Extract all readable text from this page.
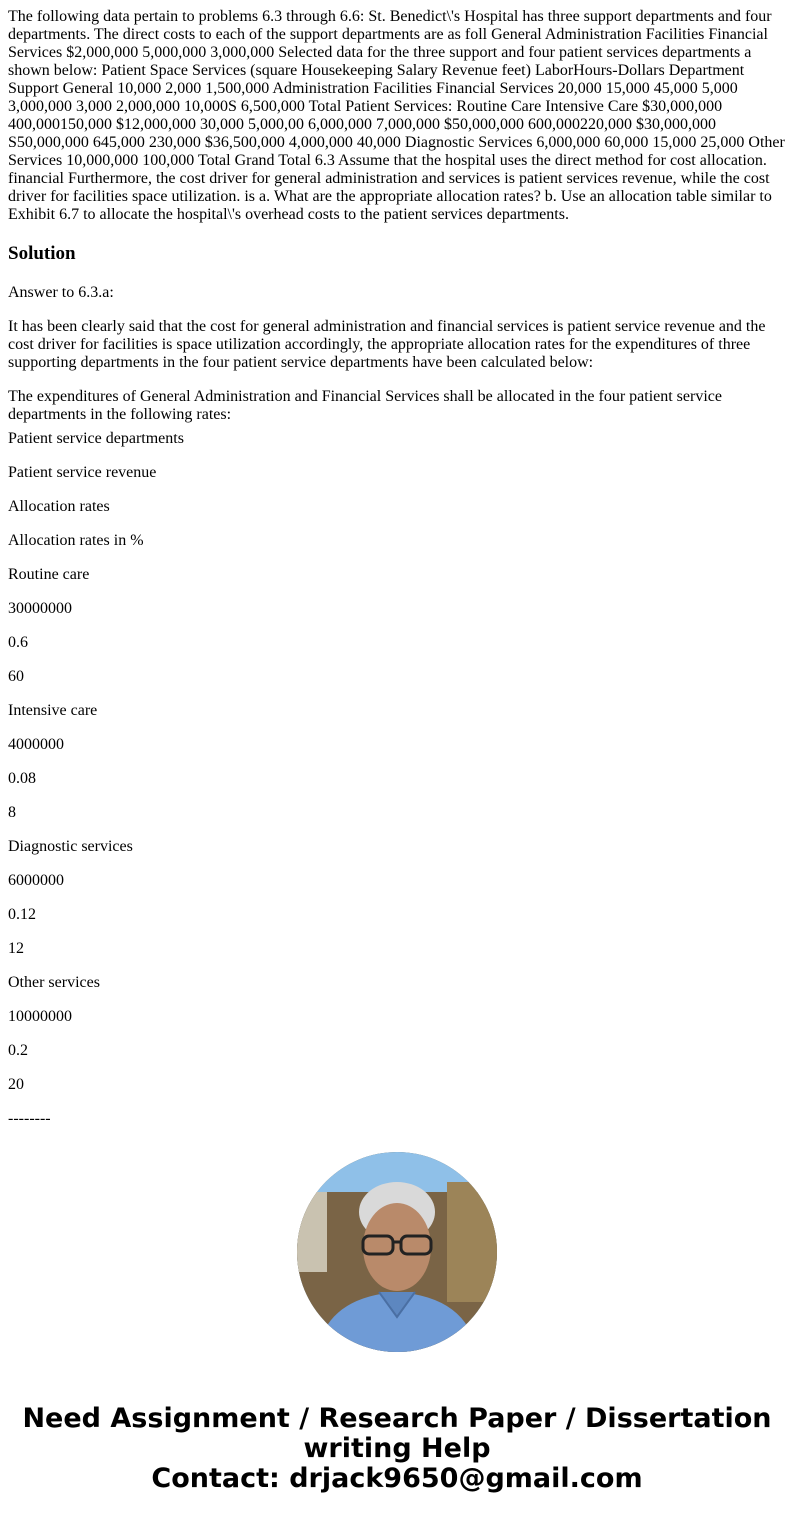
The following data pertain to problems 6.3 through 6.6: St. Benedict\'s Hospital has three support departments and four departments. The direct costs to each of the support departments are as foll General Administration Facilities Financial Services $2,000,000 5,000,000 3,000,000 Selected data for the three support and four patient services departments a shown below: Patient Space Services (square Housekeeping Salary Revenue feet) LaborHours-Dollars Department Support General 10,000 2,000 1,500,000 Administration Facilities Financial Services 20,000 15,000 45,000 5,000 3,000,000 3,000 2,000,000 10,000S 6,500,000 Total Patient Services: Routine Care Intensive Care $30,000,000 400,000150,000 $12,000,000 30,000 5,000,00 6,000,000 7,000,000 $50,000,000 600,000220,000 $30,000,000 S50,000,000 645,000 230,000 $36,500,000 4,000,000 40,000 Diagnostic Services 6,000,000 60,000 15,000 25,000 Other Services 10,000,000 100,000 Total Grand Total 6.3 Assume that the hospital uses the direct method for cost allocation. financial Furthermore, the cost driver for general administration and services is patient services revenue, while the cost driver for facilities space utilization. is a. What are the appropriate allocation rates? b. Use an allocation table similar to Exhibit 6.7 to allocate the hospital\'s overhead costs to the patient services departments.
Solution

Answer to 6.3.a:

It has been clearly said that the cost for general administration and financial services is patient service revenue and the cost driver for facilities is space utilization accordingly, the appropriate allocation rates for the expenditures of three supporting departments in the four patient service departments have been calculated below:

The expenditures of General Administration and Financial Services shall be allocated in the four patient service departments in the following rates:

Patient service departments

Patient service revenue

Allocation rates

Allocation rates in %

Routine care

30000000

0.6

60

Intensive care

4000000

0.08

8

Diagnostic services

6000000

0.12

12

Other services

10000000

0.2

20

--------

Need Assignment / Research Paper / Dissertation
writing Help
Contact: drjack9650@gmail.com
